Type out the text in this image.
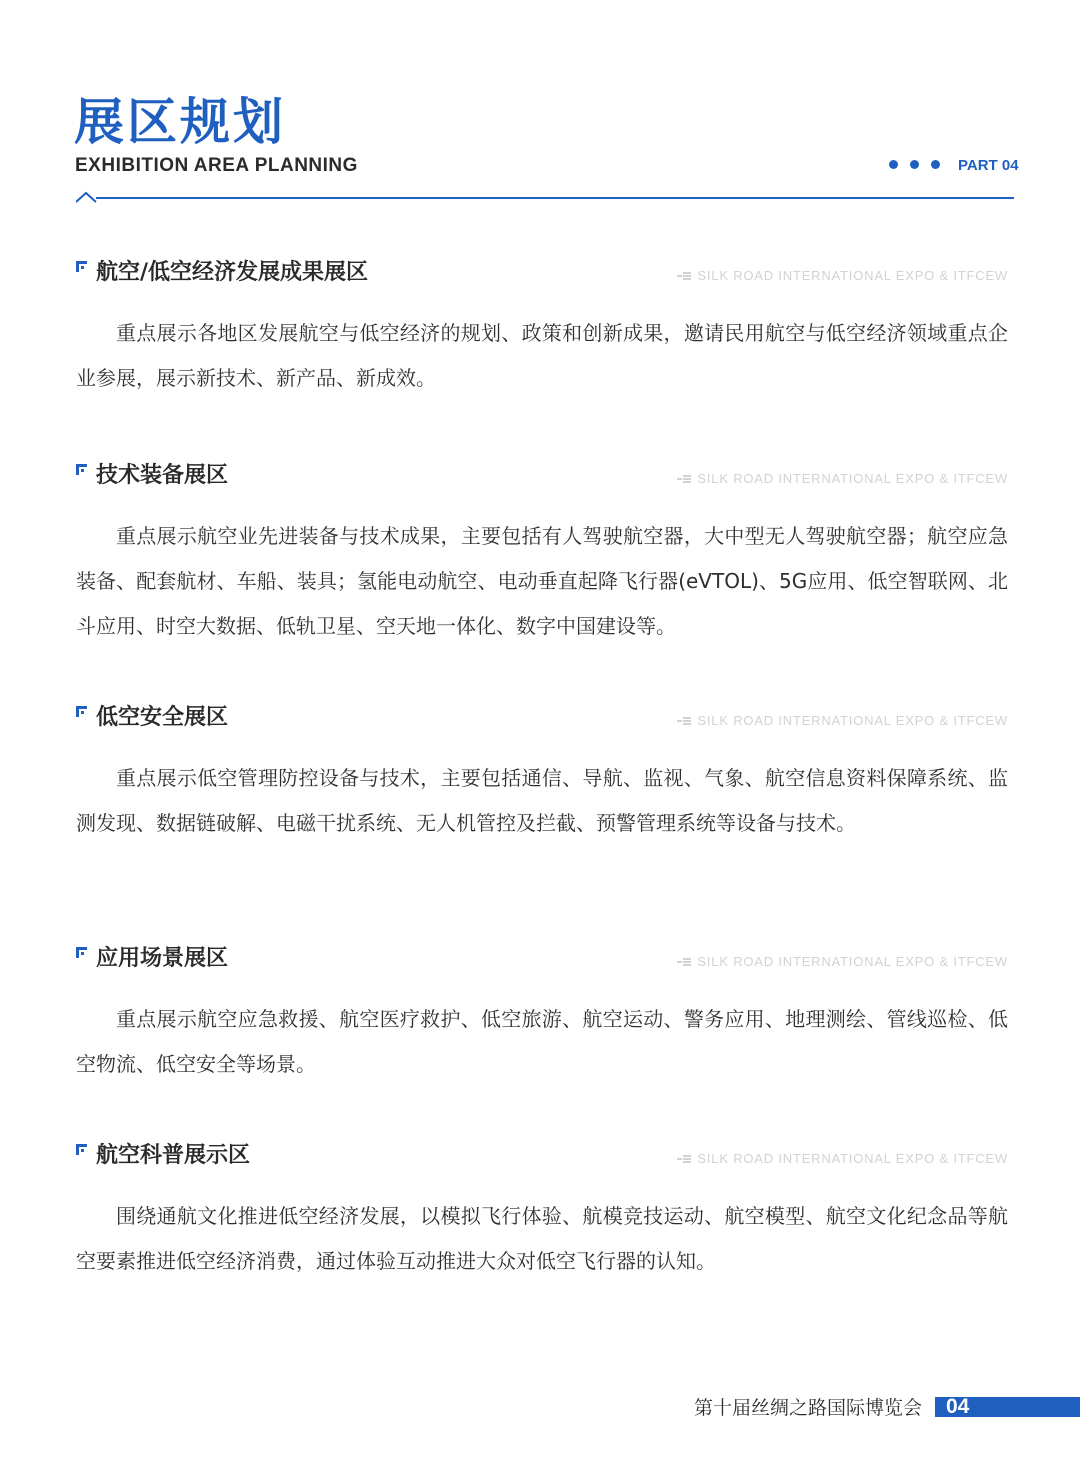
展区规划
EXHIBITION AREA PLANNING	PART 04
航空/低空经济发展成果展区	SILK ROAD INTERNATIONAL EXPO & ITFCEW

重点展示各地区发展航空与低空经济的规划、政策和创新成果，邀请民用航空与低空经济领域重点企业参展，展示新技术、新产品、新成效。

技术装备展区	SILK ROAD INTERNATIONAL EXPO & ITFCEW

重点展示航空业先进装备与技术成果，主要包括有人驾驶航空器，大中型无人驾驶航空器；航空应急装备、配套航材、车船、装具；氢能电动航空、电动垂直起降飞行器(eVTOL)、5G应用、低空智联网、北斗应用、时空大数据、低轨卫星、空天地一体化、数字中国建设等。

低空安全展区	SILK ROAD INTERNATIONAL EXPO & ITFCEW

重点展示低空管理防控设备与技术，主要包括通信、导航、监视、气象、航空信息资料保障系统、监测发现、数据链破解、电磁干扰系统、无人机管控及拦截、预警管理系统等设备与技术。

应用场景展区	SILK ROAD INTERNATIONAL EXPO & ITFCEW

重点展示航空应急救援、航空医疗救护、低空旅游、航空运动、警务应用、地理测绘、管线巡检、低空物流、低空安全等场景。

航空科普展示区	SILK ROAD INTERNATIONAL EXPO & ITFCEW

围绕通航文化推进低空经济发展，以模拟飞行体验、航模竞技运动、航空模型、航空文化纪念品等航空要素推进低空经济消费，通过体验互动推进大众对低空飞行器的认知。

第十届丝绸之路国际博览会 04
